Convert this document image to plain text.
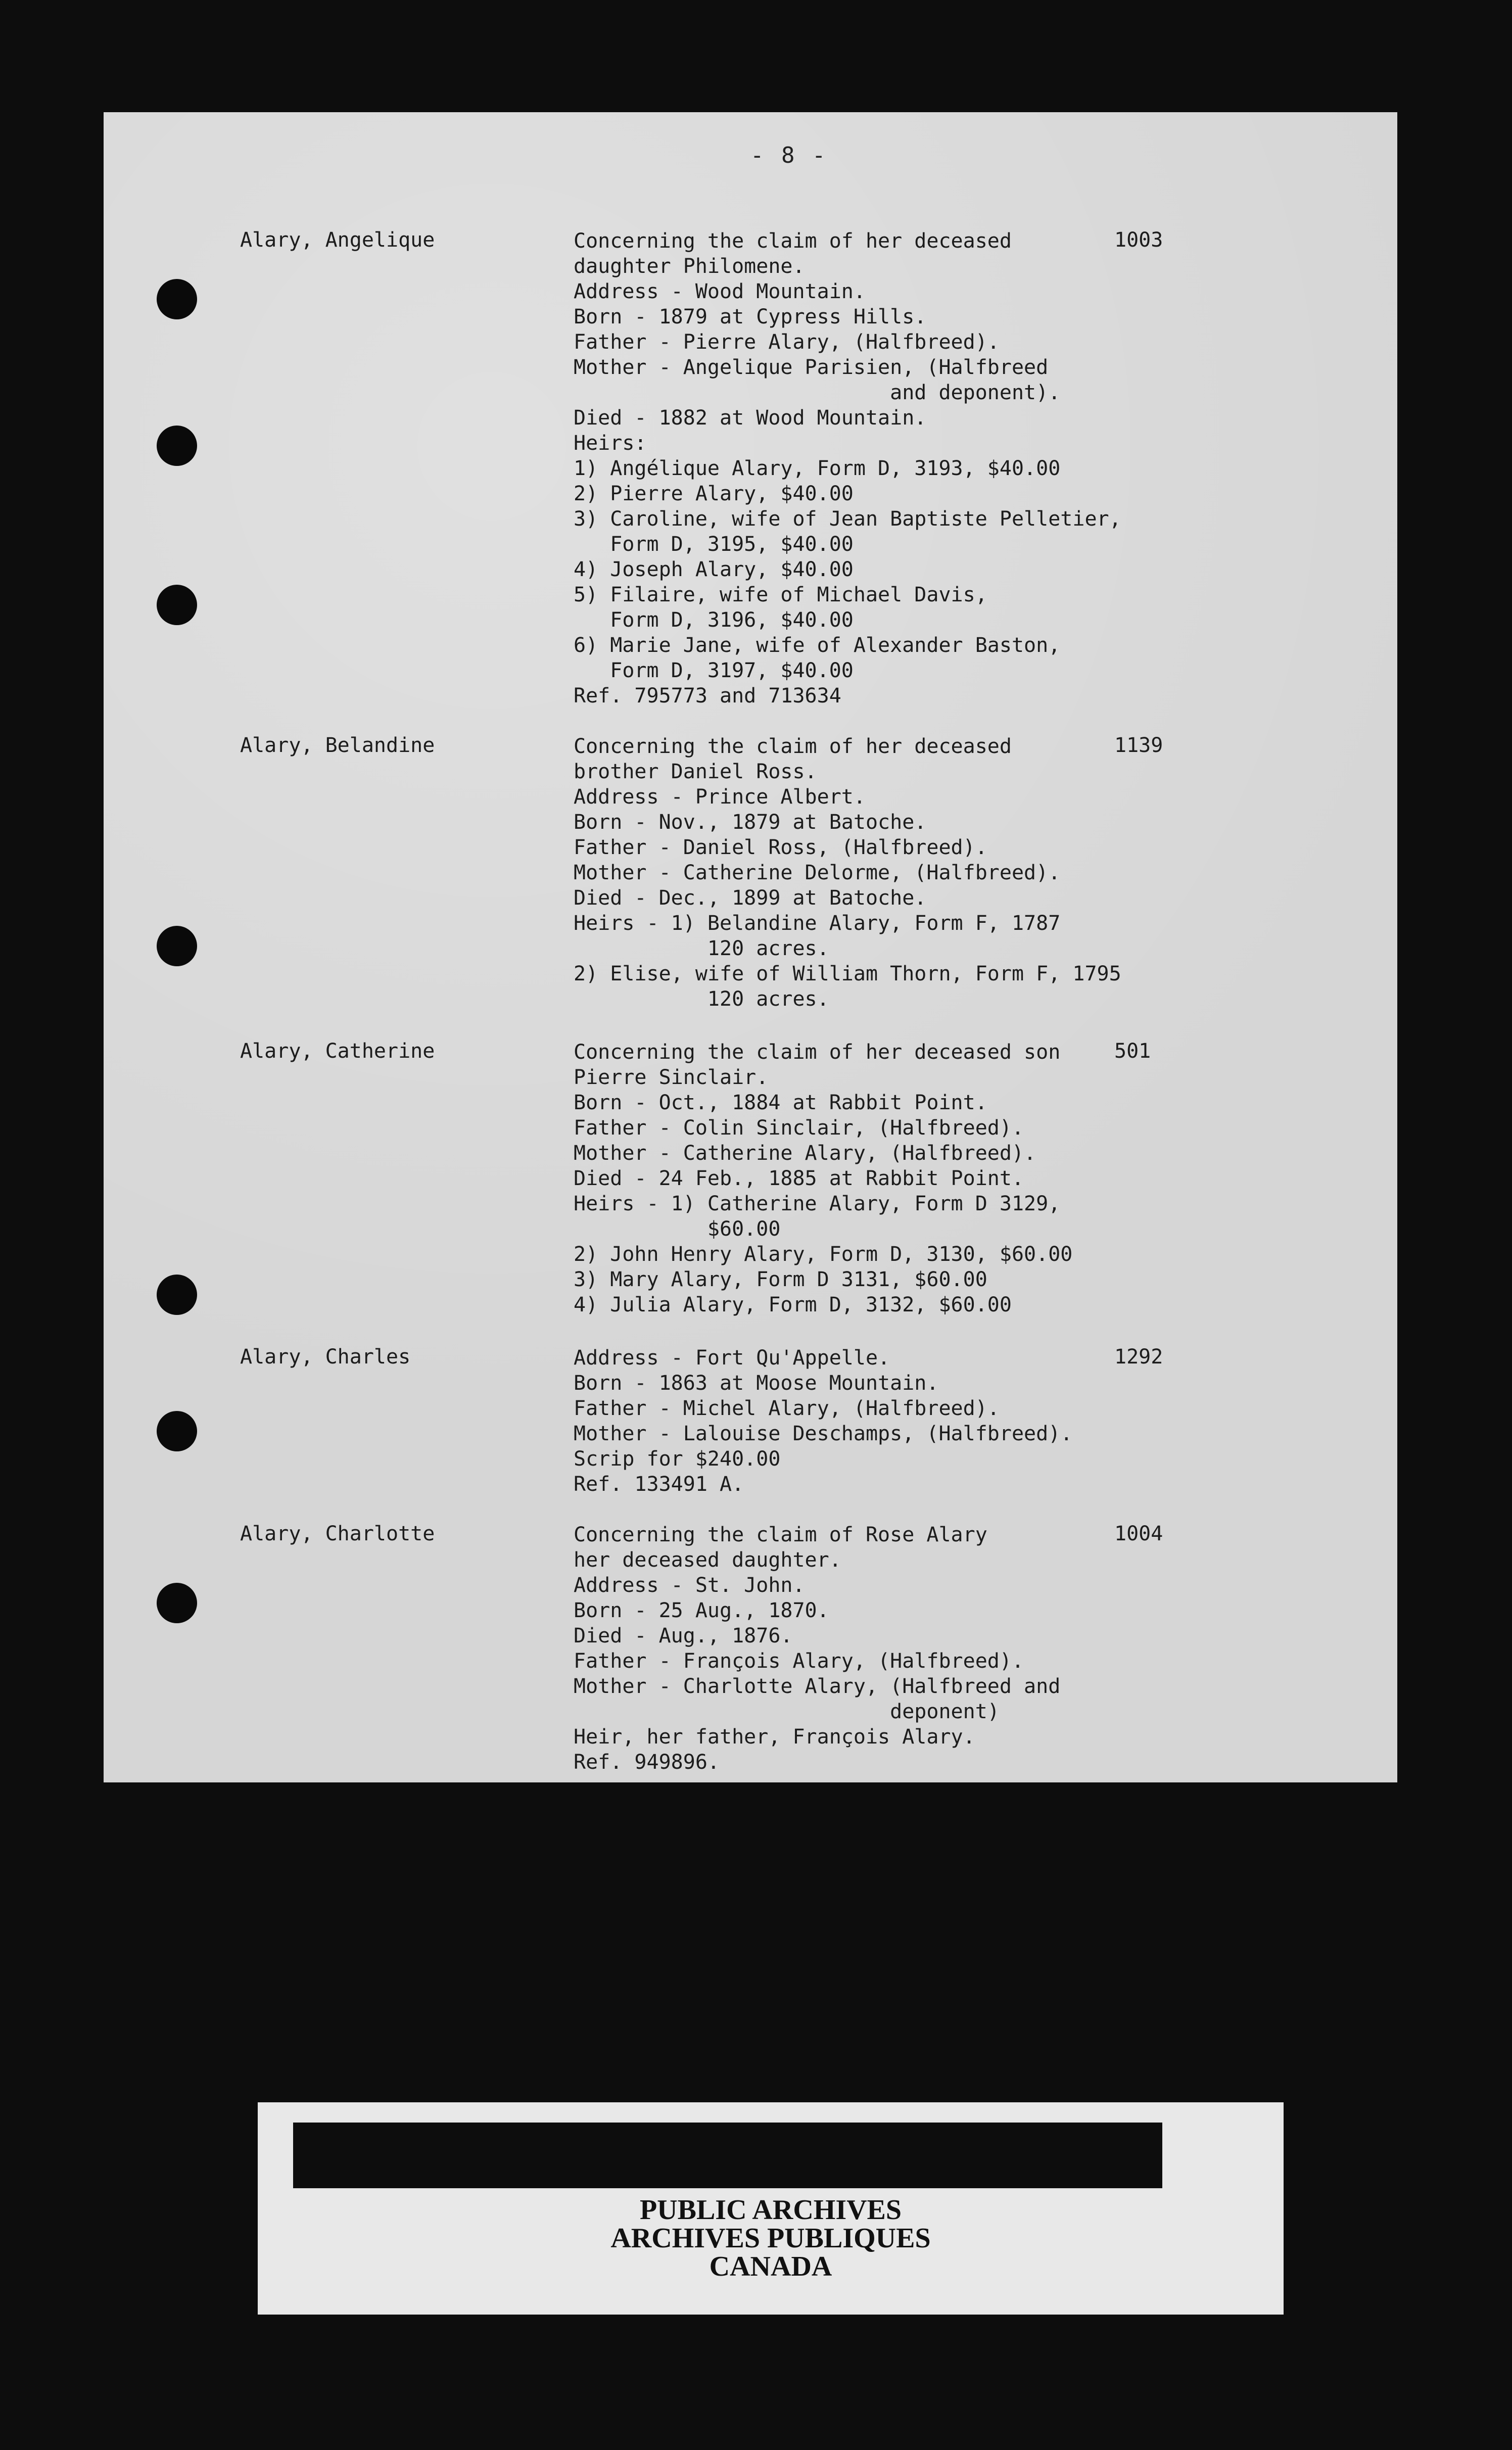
- 8 -
Alary, Angelique	1003
Concerning the claim of her deceased
daughter Philomene.
Address - Wood Mountain.
Born - 1879 at Cypress Hills.
Father - Pierre Alary, (Halfbreed).
Mother - Angelique Parisien, (Halfbreed
and deponent).
Died - 1882 at Wood Mountain.
Heirs:
1) Angélique Alary, Form D, 3193, $40.00
2) Pierre Alary, $40.00
3) Caroline, wife of Jean Baptiste Pelletier,
Form D, 3195, $40.00
4) Joseph Alary, $40.00
5) Filaire, wife of Michael Davis,
Form D, 3196, $40.00
6) Marie Jane, wife of Alexander Baston,
Form D, 3197, $40.00
Ref. 795773 and 713634
Alary, Belandine	1139
Concerning the claim of her deceased
brother Daniel Ross.
Address - Prince Albert.
Born - Nov., 1879 at Batoche.
Father - Daniel Ross, (Halfbreed).
Mother - Catherine Delorme, (Halfbreed).
Died - Dec., 1899 at Batoche.
Heirs - 1) Belandine Alary, Form F, 1787
120 acres.
2) Elise, wife of William Thorn, Form F, 1795
120 acres.
Alary, Catherine	501
Concerning the claim of her deceased son
Pierre Sinclair.
Born - Oct., 1884 at Rabbit Point.
Father - Colin Sinclair, (Halfbreed).
Mother - Catherine Alary, (Halfbreed).
Died - 24 Feb., 1885 at Rabbit Point.
Heirs - 1) Catherine Alary, Form D 3129,
$60.00
2) John Henry Alary, Form D, 3130, $60.00
3) Mary Alary, Form D 3131, $60.00
4) Julia Alary, Form D, 3132, $60.00
Alary, Charles	1292
Address - Fort Qu'Appelle.
Born - 1863 at Moose Mountain.
Father - Michel Alary, (Halfbreed).
Mother - Lalouise Deschamps, (Halfbreed).
Scrip for $240.00
Ref. 133491 A.
Alary, Charlotte	1004
Concerning the claim of Rose Alary
her deceased daughter.
Address - St. John.
Born - 25 Aug., 1870.
Died - Aug., 1876.
Father - François Alary, (Halfbreed).
Mother - Charlotte Alary, (Halfbreed and
deponent)
Heir, her father, François Alary.
Ref. 949896.
PUBLIC ARCHIVES
ARCHIVES PUBLIQUES
CANADA
